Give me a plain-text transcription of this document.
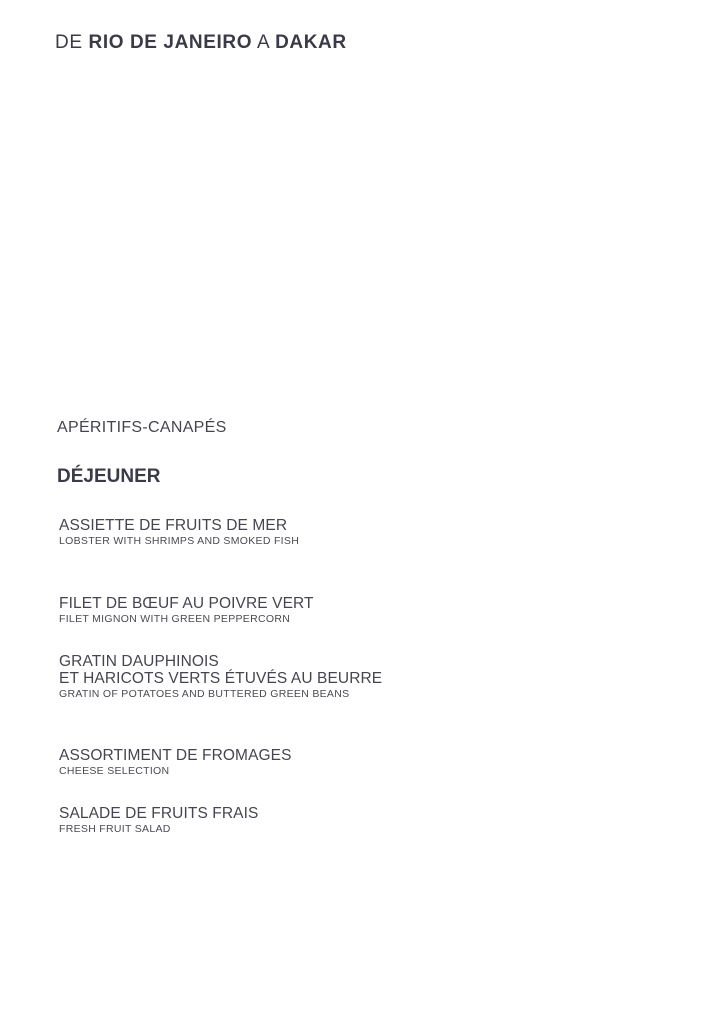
DE RIO DE JANEIRO A DAKAR
APÉRITIFS-CANAPÉS
DÉJEUNER
ASSIETTE DE FRUITS DE MER
LOBSTER WITH SHRIMPS AND SMOKED FISH
FILET DE BŒUF AU POIVRE VERT
FILET MIGNON WITH GREEN PEPPERCORN
GRATIN DAUPHINOIS
ET HARICOTS VERTS ÉTUVÉS AU BEURRE
GRATIN OF POTATOES AND BUTTERED GREEN BEANS
ASSORTIMENT DE FROMAGES
CHEESE SELECTION
SALADE DE FRUITS FRAIS
FRESH FRUIT SALAD
